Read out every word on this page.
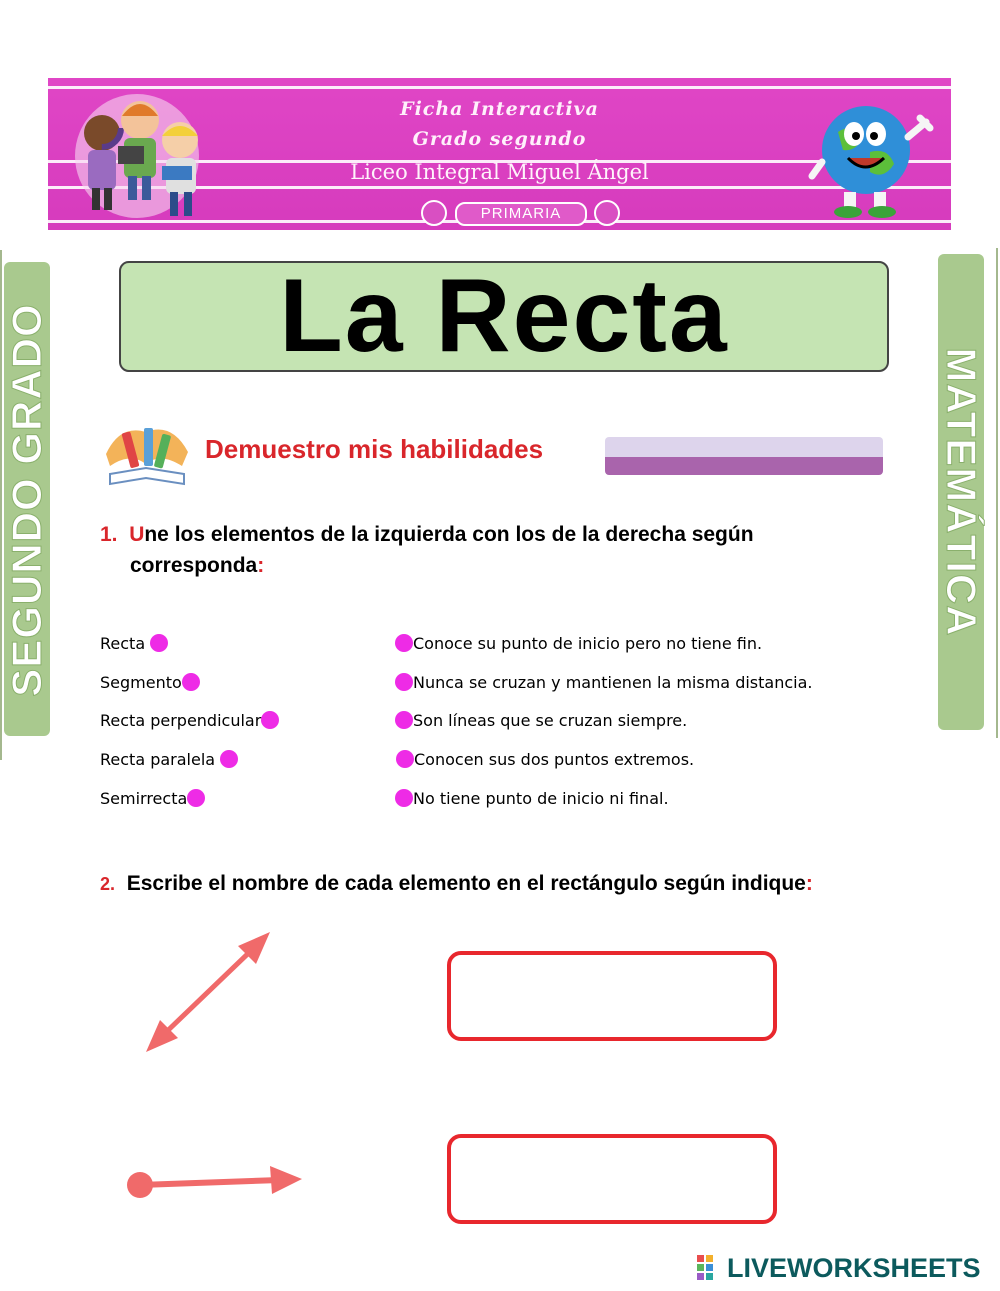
Ficha Interactiva
Grado segundo
Liceo Integral Miguel Ángel
PRIMARIA
SEGUNDO GRADO	MATEMÁTICA
La Recta
Demuestro mis habilidades
1. Une los elementos de la izquierda con los de la derecha según corresponda:
Recta
Segmento
Recta perpendicular
Recta paralela
Semirrecta
Conoce su punto de inicio pero no tiene fin.
Nunca se cruzan y mantienen la misma distancia.
Son líneas que se cruzan siempre.
Conocen sus dos puntos extremos.
No tiene punto de inicio ni final.
2. Escribe el nombre de cada elemento en el rectángulo según indique:
LIVEWORKSHEETS
